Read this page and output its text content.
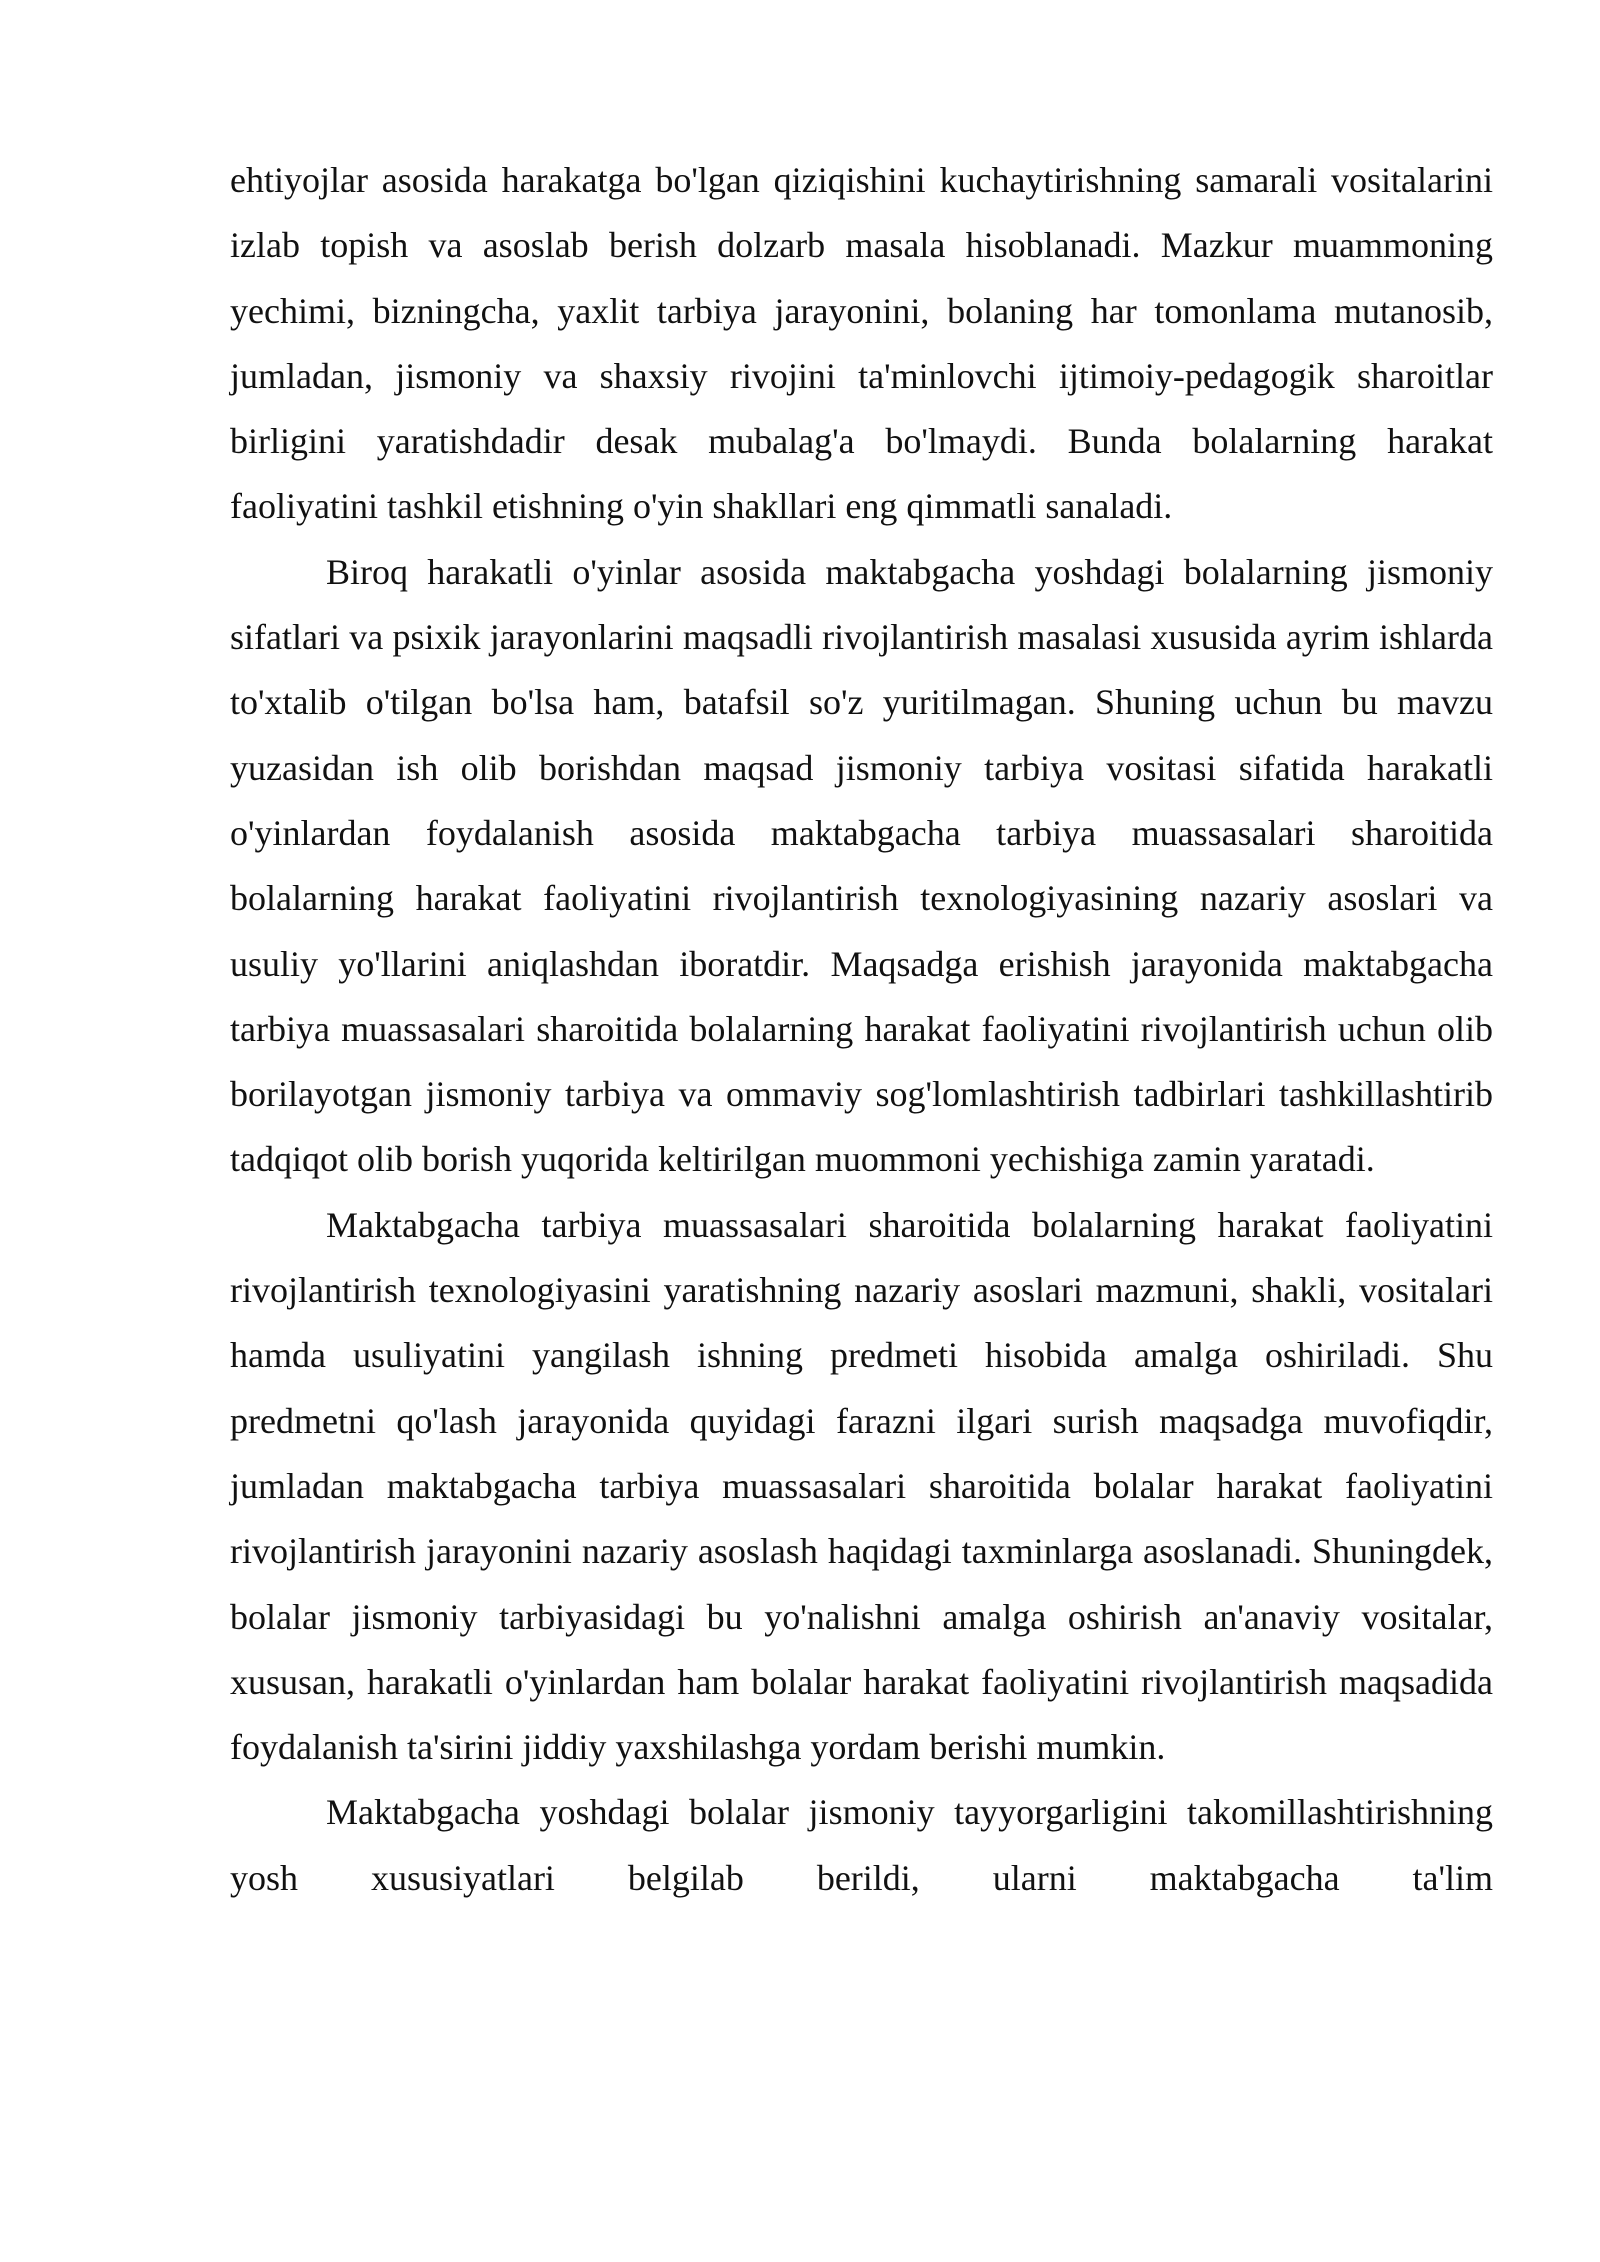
ehtiyojlar asosida harakatga bo'lgan qiziqishini kuchaytirishning samarali vositalarini izlab topish va asoslab berish dolzarb masala hisoblanadi. Mazkur muammoning yechimi, bizningcha, yaxlit tarbiya jarayonini, bolaning har tomonlama mutanosib, jumladan, jismoniy va shaxsiy rivojini ta'minlovchi ijtimoiy-pedagogik sharoitlar birligini yaratishdadir desak mubalag'a bo'lmaydi. Bunda bolalarning harakat faoliyatini tashkil etishning o'yin shakllari eng qimmatli sanaladi.

Biroq harakatli o'yinlar asosida maktabgacha yoshdagi bolalarning jismoniy sifatlari va psixik jarayonlarini maqsadli rivojlantirish masalasi xususida ayrim ishlarda to'xtalib o'tilgan bo'lsa ham, batafsil so'z yuritilmagan. Shuning uchun bu mavzu yuzasidan ish olib borishdan maqsad jismoniy tarbiya vositasi sifatida harakatli o'yinlardan foydalanish asosida maktabgacha tarbiya muassasalari sharoitida bolalarning harakat faoliyatini rivojlantirish texnologiyasining nazariy asoslari va usuliy yo'llarini aniqlashdan iboratdir. Maqsadga erishish jarayonida maktabgacha tarbiya muassasalari sharoitida bolalarning harakat faoliyatini rivojlantirish uchun olib borilayotgan jismoniy tarbiya va ommaviy sog'lomlashtirish tadbirlari tashkillashtirib tadqiqot olib borish yuqorida keltirilgan muommoni yechishiga zamin yaratadi.

Maktabgacha tarbiya muassasalari sharoitida bolalarning harakat faoliyatini rivojlantirish texnologiyasini yaratishning nazariy asoslari mazmuni, shakli, vositalari hamda usuliyatini yangilash ishning predmeti hisobida amalga oshiriladi. Shu predmetni qo'lash jarayonida quyidagi farazni ilgari surish maqsadga muvofiqdir, jumladan maktabgacha tarbiya muassasalari sharoitida bolalar harakat faoliyatini rivojlantirish jarayonini nazariy asoslash haqidagi taxminlarga asoslanadi. Shuningdek, bolalar jismoniy tarbiyasidagi bu yo'nalishni amalga oshirish an'anaviy vositalar, xususan, harakatli o'yinlardan ham bolalar harakat faoliyatini rivojlantirish maqsadida foydalanish ta'sirini jiddiy yaxshilashga yordam berishi mumkin.

Maktabgacha yoshdagi bolalar jismoniy tayyorgarligini takomillashtirishning yosh xususiyatlari belgilab berildi, ularni maktabgacha ta'lim
